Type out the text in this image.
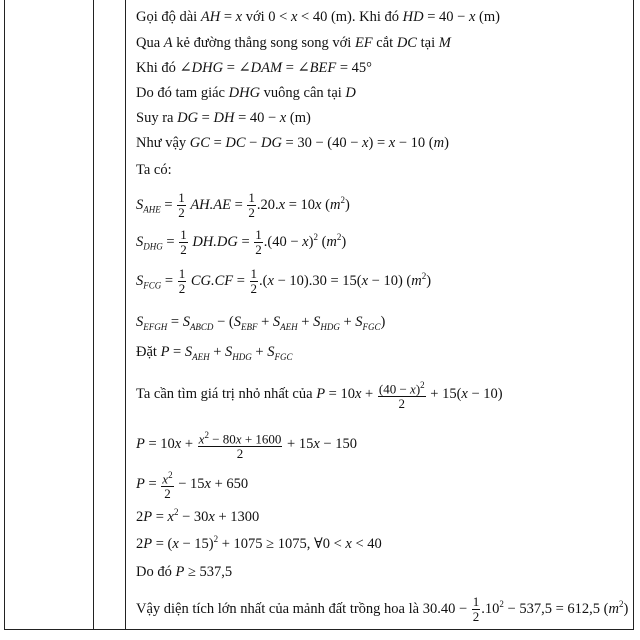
Gọi độ dài AH = x với 0 < x < 40 (m). Khi đó HD = 40 − x (m)
Qua A kẻ đường thẳng song song với EF cắt DC tại M
Khi đó ∠DHG = ∠DAM = ∠BEF = 45°
Do đó tam giác DHG vuông cân tại D
Suy ra DG = DH = 40 − x (m)
Như vậy GC = DC − DG = 30 − (40 − x) = x − 10 (m)
Ta có:
$S_{AHE} = \frac{1}{2} AH.AE = \frac{1}{2} .20.x = 10x$ $(m^2)$
$S_{DHG} = \frac{1}{2} DH.DG = \frac{1}{2} .(40 - x)^2$ $(m^2)$
$S_{FCG} = \frac{1}{2} CG.CF = \frac{1}{2} .(x - 10).30 = 15(x - 10)$ $(m^2)$
$S_{EFGH} = S_{ABCD} - (S_{EBF} + S_{AEH} + S_{HDG} + S_{FGC})$
Đặt $P = S_{AEH} + S_{HDG} + S_{FGC}$
Ta cần tìm giá trị nhỏ nhất của $P = 10x + \frac{(40 - x)^2}{2} + 15(x - 10)$
$P = 10x + \frac{x^2 - 80x + 1600}{2} + 15x - 150$
$P = \frac{x^2}{2} - 15x + 650$
$2P = x^2 - 30x + 1300$
$2P = (x - 15)^2 + 1075 \ge 1075$, ∀0 < x < 40
Do đó P ≥ 537,5
Vậy diện tích lớn nhất của mảnh đất trồng hoa là $30.40 - \frac{1}{2} .10^2 - 537,5 = 612,5$ $(m^2)$
